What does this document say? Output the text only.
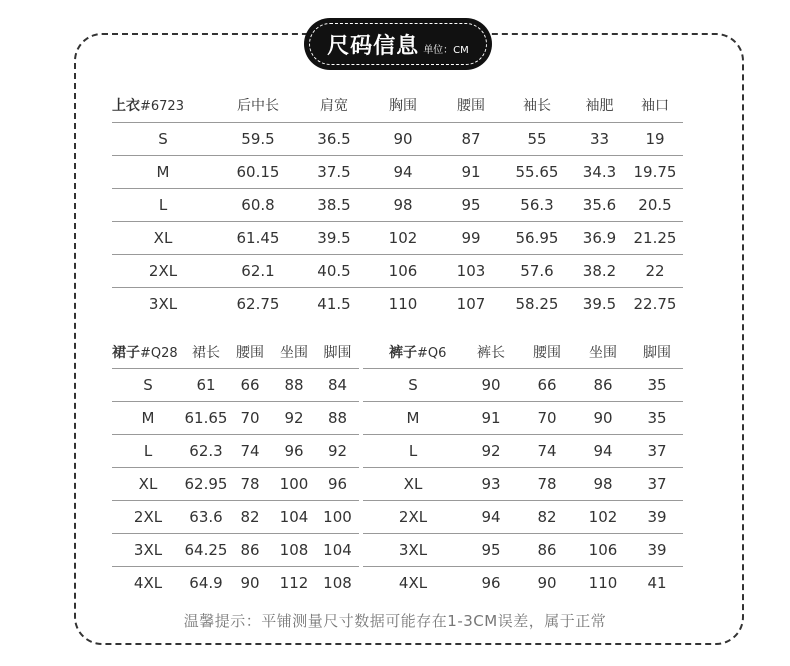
尺码信息 单位：CM
上衣#6723	后中长	肩宽	胸围	腰围	袖长	袖肥	袖口
S	59.5	36.5	90	87	55	33	19
M	60.15	37.5	94	91	55.65	34.3	19.75
L	60.8	38.5	98	95	56.3	35.6	20.5
XL	61.45	39.5	102	99	56.95	36.9	21.25
2XL	62.1	40.5	106	103	57.6	38.2	22
3XL	62.75	41.5	110	107	58.25	39.5	22.75
裙子#Q28	裙长	腰围	坐围	脚围
S	61	66	88	84
M	61.65	70	92	88
L	62.3	74	96	92
XL	62.95	78	100	96
2XL	63.6	82	104	100
3XL	64.25	86	108	104
4XL	64.9	90	112	108
裤子#Q6	裤长	腰围	坐围	脚围
S	90	66	86	35
M	91	70	90	35
L	92	74	94	37
XL	93	78	98	37
2XL	94	82	102	39
3XL	95	86	106	39
4XL	96	90	110	41
温馨提示：平铺测量尺寸数据可能存在1-3CM误差，属于正常
